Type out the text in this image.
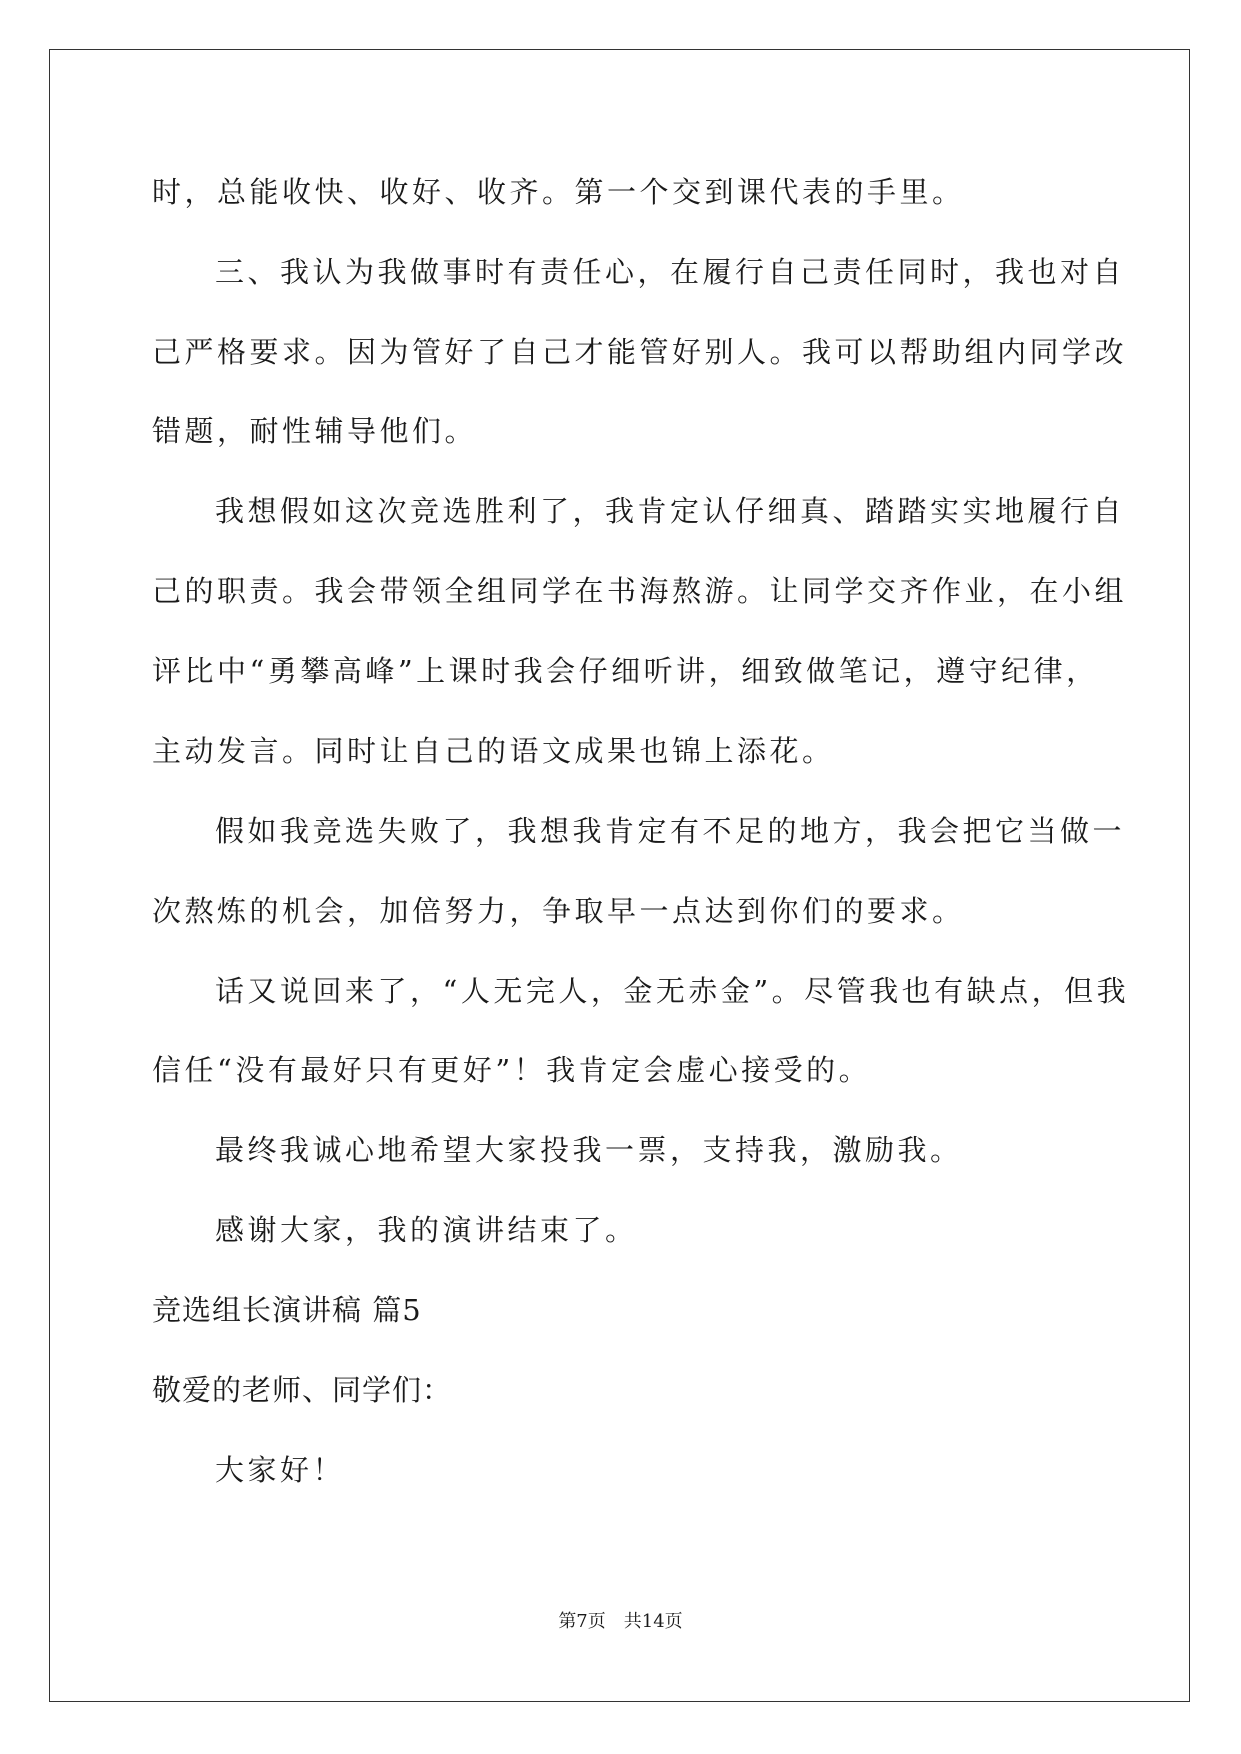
时，总能收快、收好、收齐。第一个交到课代表的手里。
三、我认为我做事时有责任心，在履行自己责任同时，我也对自
己严格要求。因为管好了自己才能管好别人。我可以帮助组内同学改
错题，耐性辅导他们。
我想假如这次竞选胜利了，我肯定认仔细真、踏踏实实地履行自
己的职责。我会带领全组同学在书海熬游。让同学交齐作业，在小组
评比中“勇攀高峰”上课时我会仔细听讲，细致做笔记，遵守纪律，
主动发言。同时让自己的语文成果也锦上添花。
假如我竞选失败了，我想我肯定有不足的地方，我会把它当做一
次熬炼的机会，加倍努力，争取早一点达到你们的要求。
话又说回来了，“人无完人，金无赤金”。尽管我也有缺点，但我
信任“没有最好只有更好”！我肯定会虚心接受的。
最终我诚心地希望大家投我一票，支持我，激励我。
感谢大家，我的演讲结束了。
竞选组长演讲稿 篇5
敬爱的老师、同学们：
大家好！
第7页 共14页
